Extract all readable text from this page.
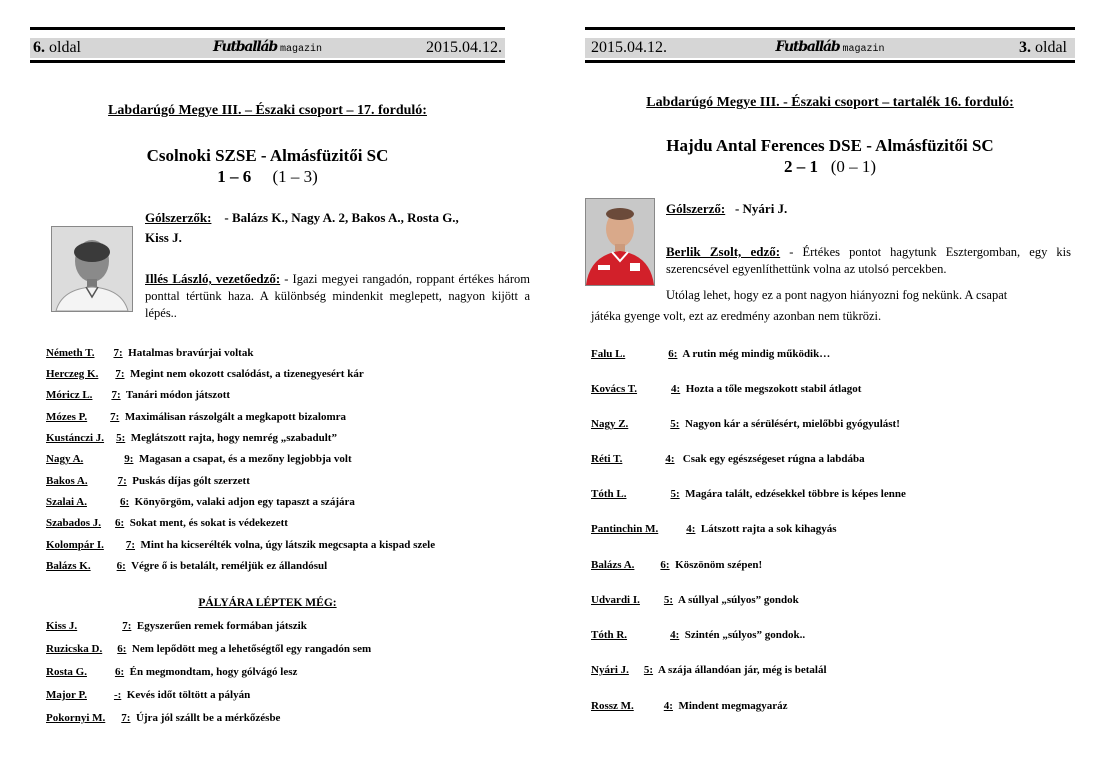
6. oldal	Futballáb magazin	2015.04.12.
Labdarúgó Megye III. – Északi csoport – 17. forduló:
Csolnoki SZSE - Almásfüzitői SC
1 – 6 (1 – 3)
Gólszerzők: - Balázs K., Nagy A. 2, Bakos A., Rosta G.,
Kiss J.
Illés László, vezetőedző: - Igazi megyei rangadón, roppant értékes három ponttal tértünk haza. A különbség mindenkit meglepett, nagyon kijött a lépés..
Németh T. 7: Hatalmas bravúrjai voltak
Herczeg K. 7: Megint nem okozott csalódást, a tizenegyesért kár
Móricz L. 7: Tanári módon játszott
Mózes P. 7: Maximálisan rászolgált a megkapott bizalomra
Kustánczi J. 5: Meglátszott rajta, hogy nemrég „szabadult”
Nagy A.	9: Magasan a csapat, és a mezőny legjobbja volt
Bakos A.	7: Puskás díjas gólt szerzett
Szalai A.	6: Könyörgöm, valaki adjon egy tapaszt a szájára
Szabados J. 6: Sokat ment, és sokat is védekezett
Kolompár I. 7: Mint ha kicserélték volna, úgy látszik megcsapta a kispad szele
Balázs K. 6: Végre ő is betalált, reméljük ez állandósul
PÁLYÁRA LÉPTEK MÉG:
Kiss J.	7: Egyszerűen remek formában játszik
Ruzicska D. 6: Nem lepődött meg a lehetőségtől egy rangadón sem
Rosta G.	6: Én megmondtam, hogy gólvágó lesz
Major P. -: Kevés időt töltött a pályán
Pokornyi M. 7: Újra jól szállt be a mérkőzésbe
2015.04.12.	Futballáb magazin	3. oldal
Labdarúgó Megye III. - Északi csoport – tartalék 16. forduló:
Hajdu Antal Ferences DSE - Almásfüzitői SC
2 – 1 (0 – 1)
Gólszerző: - Nyári J.
Berlik Zsolt, edző: - Értékes pontot hagytunk Esztergomban, egy kis szerencsével egyenlíthettünk volna az utolsó percekben.
Utólag lehet, hogy ez a pont nagyon hiányozni fog nekünk. A csapat
játéka gyenge volt, ezt az eredmény azonban nem tükrözi.
Falu L.	6: A rutin még mindig működik…
Kovács T.	4: Hozta a tőle megszokott stabil átlagot
Nagy Z.	5: Nagyon kár a sérülésért, mielőbbi gyógyulást!
Réti T.	4: Csak egy egészségeset rúgna a labdába
Tóth L.	5: Magára talált, edzésekkel többre is képes lenne
Pantinchin M.	4: Látszott rajta a sok kihagyás
Balázs A. 6: Köszönöm szépen!
Udvardi I. 5: A súllyal „súlyos” gondok
Tóth R.	4: Szintén „súlyos” gondok..
Nyári J. 5: A szája állandóan jár, még is betalál
Rossz M.	4: Mindent megmagyaráz
